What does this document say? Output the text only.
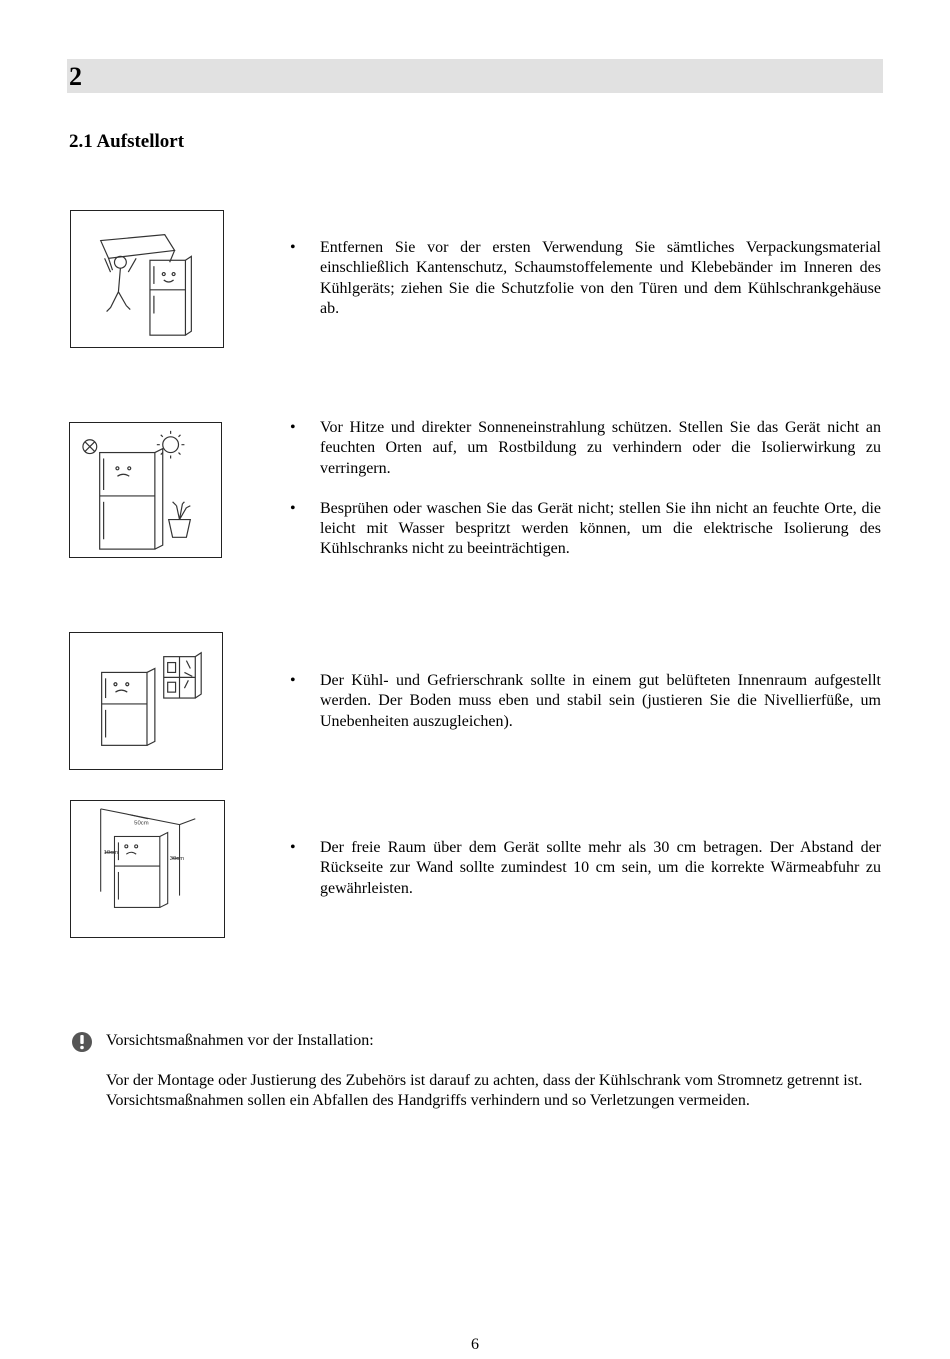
2
2.1 Aufstellort
50cm
10cm
30cm

• Entfernen Sie vor der ersten Verwendung Sie sämtliches Verpackungsmaterial einschließlich Kantenschutz, Schaumstoffelemente und Klebebänder im Inneren des Kühlgeräts; ziehen Sie die Schutzfolie von den Türen und dem Kühlschrankgehäuse ab.

• Vor Hitze und direkter Sonneneinstrahlung schützen. Stellen Sie das Gerät nicht an feuchten Orten auf, um Rostbildung zu verhindern oder die Isolierwirkung zu verringern.

• Besprühen oder waschen Sie das Gerät nicht; stellen Sie ihn nicht an feuchte Orte, die leicht mit Wasser bespritzt werden können, um die elektrische Isolierung des Kühlschranks nicht zu beeinträchtigen.

• Der Kühl- und Gefrierschrank sollte in einem gut belüfteten Innenraum aufgestellt werden. Der Boden muss eben und stabil sein (justieren Sie die Nivellierfüße, um Unebenheiten auszugleichen).

• Der freie Raum über dem Gerät sollte mehr als 30 cm betragen. Der Abstand der Rückseite zur Wand sollte zumindest 10 cm sein, um die korrekte Wärmeabfuhr zu gewährleisten.

Vorsichtsmaßnahmen vor der Installation:

Vor der Montage oder Justierung des Zubehörs ist darauf zu achten, dass der Kühlschrank vom Stromnetz getrennt ist.

Vorsichtsmaßnahmen sollen ein Abfallen des Handgriffs verhindern und so Verletzungen vermeiden.

6
